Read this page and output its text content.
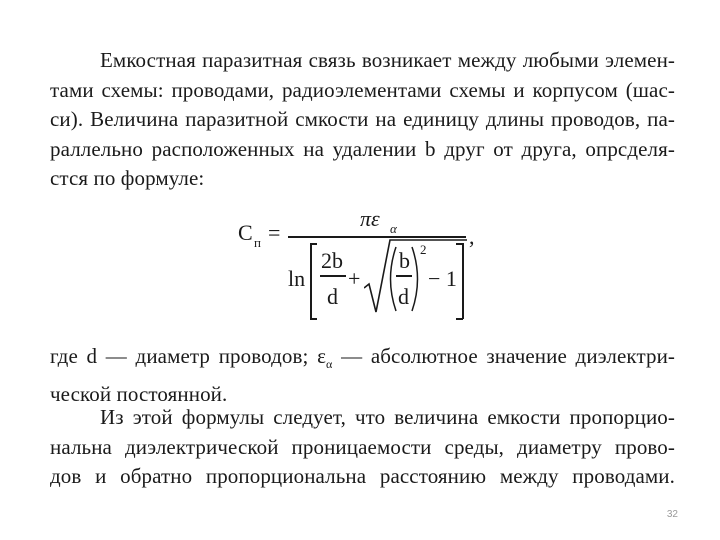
Емкостная паразитная связь возникает между любыми элемен-
тами схемы: проводами, радиоэлементами схемы и корпусом (шас-
си). Величина паразитной смкости на единицу длины проводов, па-
раллельно расположенных на удалении b друг от друга, опрсделя-
стся по формуле:
C п =
πε α	,
ln
2b
d
+
b
d
2
− 1
где d — диаметр проводов; $\varepsilon_\alpha$ — абсолютное значение диэлектри-
ческой постоянной.
Из этой формулы следует, что величина емкости пропорцио-
нальна диэлектрической проницаемости среды, диаметру прово-
дов и обратно пропорциональна расстоянию между проводами.
32
